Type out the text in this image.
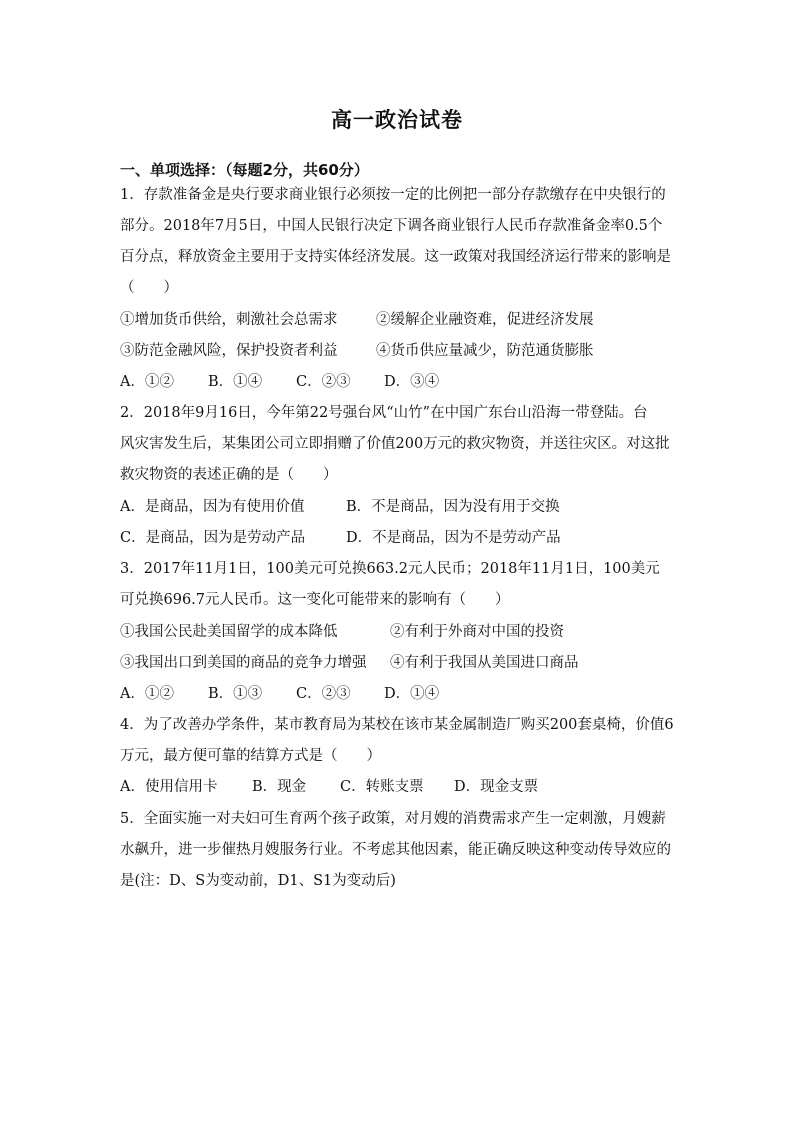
高一政治试卷
一、单项选择：（每题2分，共60分）
1．存款准备金是央行要求商业银行必须按一定的比例把一部分存款缴存在中央银行的
部分。2018年7月5日，中国人民银行决定下调各商业银行人民币存款准备金率0.5个
百分点，释放资金主要用于支持实体经济发展。这一政策对我国经济运行带来的影响是
（　　）
①增加货币供给，刺激社会总需求	②缓解企业融资难，促进经济发展
③防范金融风险，保护投资者利益	④货币供应量减少，防范通货膨胀
A．①② B．①④ C．②③ D．③④
2．2018年9月16日，今年第22号强台风“山竹”在中国广东台山沿海一带登陆。台
风灾害发生后，某集团公司立即捐赠了价值200万元的救灾物资，并送往灾区。对这批
救灾物资的表述正确的是（　　）
A．是商品，因为有使用价值	B．不是商品，因为没有用于交换
C．是商品，因为是劳动产品	D．不是商品，因为不是劳动产品
3．2017年11月1日，100美元可兑换663.2元人民币；2018年11月1日，100美元
可兑换696.7元人民币。这一变化可能带来的影响有（　　）
①我国公民赴美国留学的成本降低	②有利于外商对中国的投资
③我国出口到美国的商品的竞争力增强 ④有利于我国从美国进口商品
A．①② B．①③ C．②③ D．①④
4．为了改善办学条件，某市教育局为某校在该市某金属制造厂购买200套桌椅，价值6
万元，最方便可靠的结算方式是（　　）
A．使用信用卡 B．现金 C．转账支票 D．现金支票
5．全面实施一对夫妇可生育两个孩子政策，对月嫂的消费需求产生一定刺激，月嫂薪
水飙升，进一步催热月嫂服务行业。不考虑其他因素，能正确反映这种变动传导效应的
是(注：D、S为变动前，D1、S1为变动后)
